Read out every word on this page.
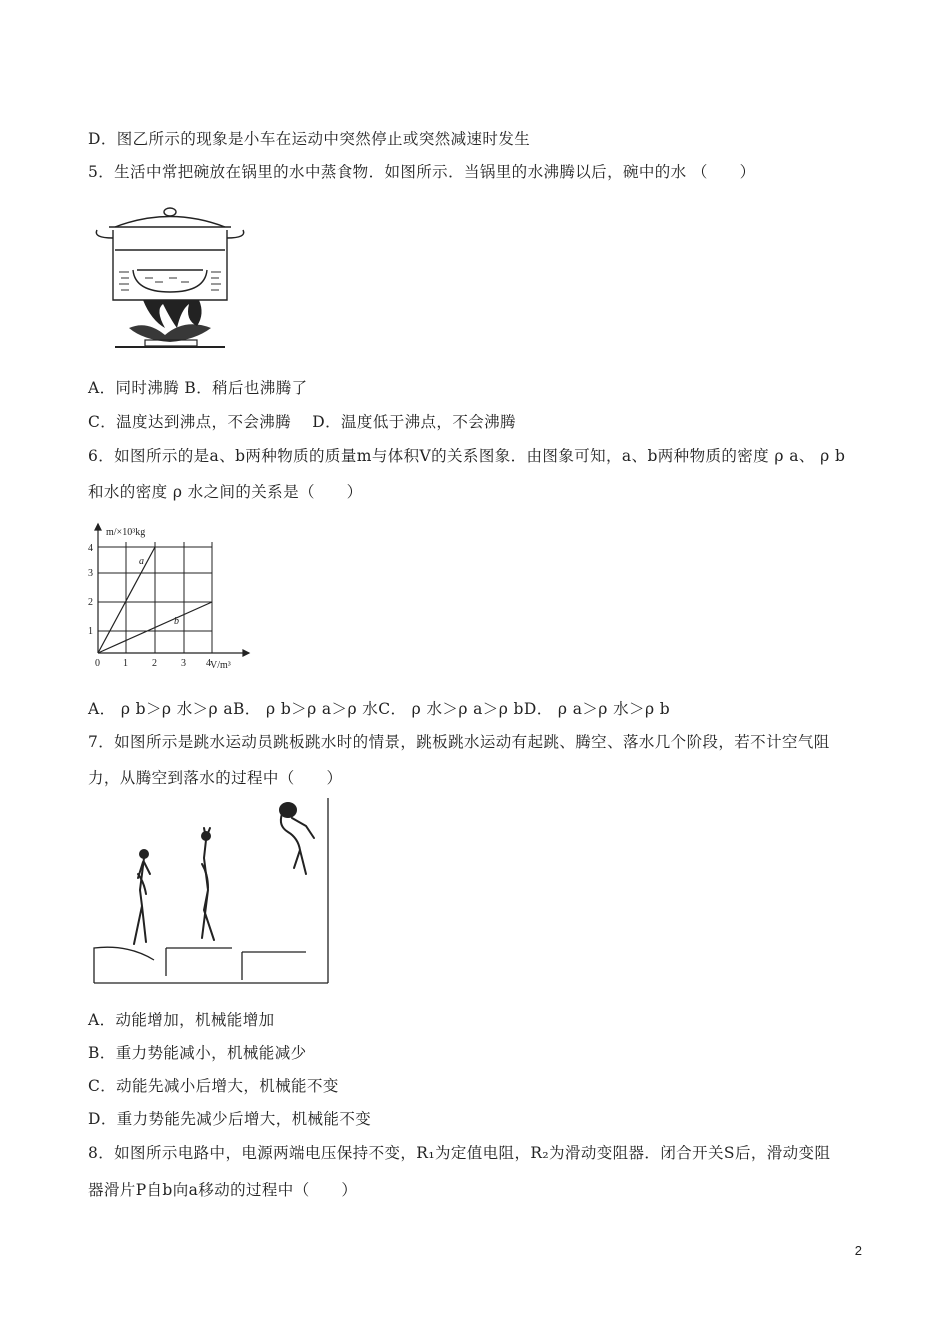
D．图乙所示的现象是小车在运动中突然停止或突然减速时发生
5．生活中常把碗放在锅里的水中蒸食物．如图所示．当锅里的水沸腾以后，碗中的水 （　　）
A．同时沸腾 B．稍后也沸腾了
C．温度达到沸点，不会沸腾　 D．温度低于沸点，不会沸腾
6．如图所示的是a、b两种物质的质量m与体积V的关系图象．由图象可知，a、b两种物质的密度 ρ a、 ρ b
和水的密度 ρ 水之间的关系是（　　）
m/×10³kg
V/m³
a
b
0 1 2 3 4
1
2
3
4
A． ρ b＞ρ 水＞ρ aB． ρ b＞ρ a＞ρ 水C． ρ 水＞ρ a＞ρ bD． ρ a＞ρ 水＞ρ b
7．如图所示是跳水运动员跳板跳水时的情景，跳板跳水运动有起跳、腾空、落水几个阶段，若不计空气阻
力，从腾空到落水的过程中（　　）
A．动能增加，机械能增加
B．重力势能减小，机械能减少
C．动能先减小后增大，机械能不变
D．重力势能先减少后增大，机械能不变
8．如图所示电路中，电源两端电压保持不变，R₁为定值电阻，R₂为滑动变阻器．闭合开关S后，滑动变阻
器滑片P自b向a移动的过程中（　　）
2
